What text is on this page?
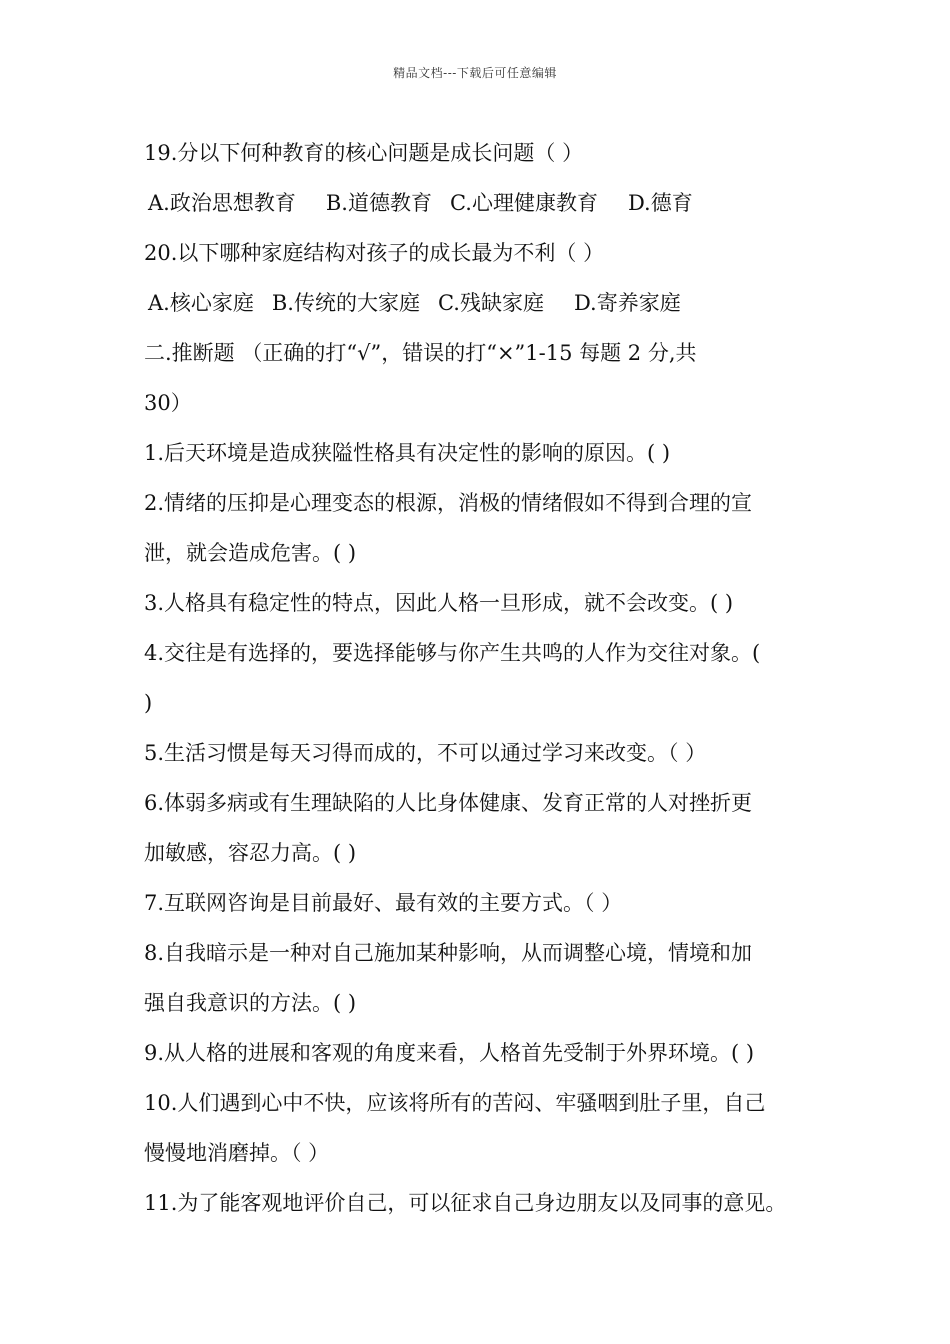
精品文档---下载后可任意编辑
19.分以下何种教育的核心问题是成长问题（ ）
A.政治思想教育 B.道德教育 C.心理健康教育 D.德育
20.以下哪种家庭结构对孩子的成长最为不利（ ）
A.核心家庭 B.传统的大家庭 C.残缺家庭 D.寄养家庭
二.推断题 （正确的打“√”，错误的打“×”1-15 每题 2 分,共
30）
1.后天环境是造成狭隘性格具有决定性的影响的原因。( )
2.情绪的压抑是心理变态的根源，消极的情绪假如不得到合理的宣
泄，就会造成危害。( )
3.人格具有稳定性的特点，因此人格一旦形成，就不会改变。( )
4.交往是有选择的，要选择能够与你产生共鸣的人作为交往对象。(
)
5.生活习惯是每天习得而成的，不可以通过学习来改变。（ ）
6.体弱多病或有生理缺陷的人比身体健康、发育正常的人对挫折更
加敏感，容忍力高。( )
7.互联网咨询是目前最好、最有效的主要方式。（ ）
8.自我暗示是一种对自己施加某种影响，从而调整心境，情境和加
强自我意识的方法。( )
9.从人格的进展和客观的角度来看，人格首先受制于外界环境。( )
10.人们遇到心中不快，应该将所有的苦闷、牢骚咽到肚子里，自己
慢慢地消磨掉。（ ）
11.为了能客观地评价自己，可以征求自己身边朋友以及同事的意见。
